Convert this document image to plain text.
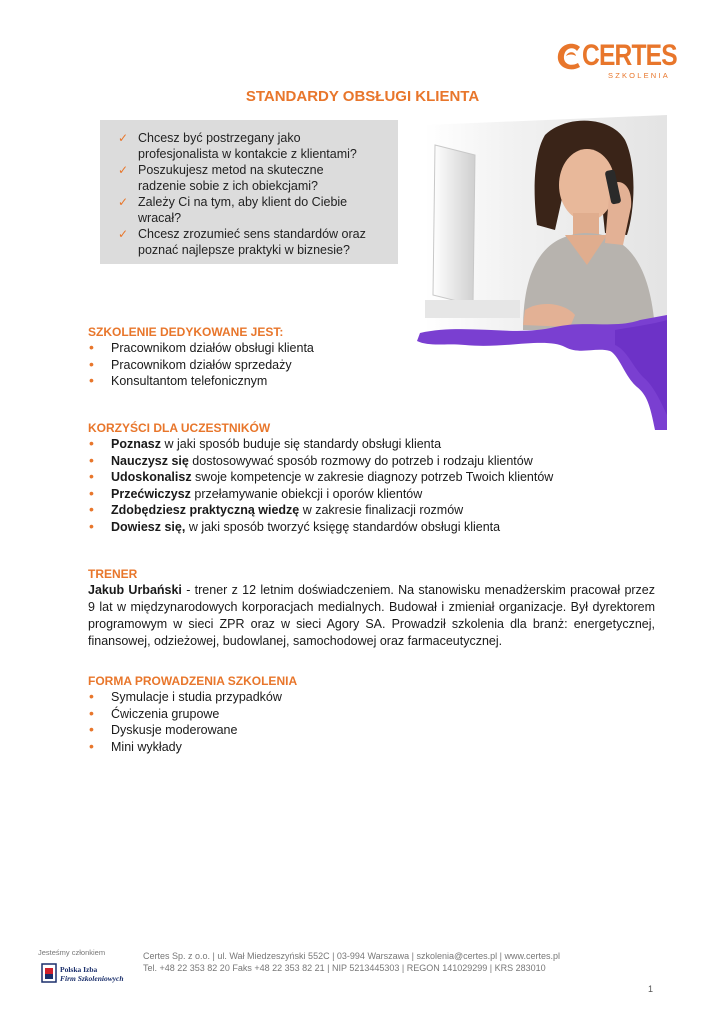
CERTES
SZKOLENIA
STANDARDY OBSŁUGI KLIENTA
✓ Chcesz być postrzegany jako
profesjonalista w kontakcie z klientami?
✓ Poszukujesz metod na skuteczne
radzenie sobie z ich obiekcjami?
✓ Zależy Ci na tym, aby klient do Ciebie
wracał?
✓ Chcesz zrozumieć sens standardów oraz
poznać najlepsze praktyki w biznesie?
SZKOLENIE DEDYKOWANE JEST:
• Pracownikom działów obsługi klienta
• Pracownikom działów sprzedaży
• Konsultantom telefonicznym
KORZYŚCI DLA UCZESTNIKÓW
• Poznasz w jaki sposób buduje się standardy obsługi klienta
• Nauczysz się dostosowywać sposób rozmowy do potrzeb i rodzaju klientów
• Udoskonalisz swoje kompetencje w zakresie diagnozy potrzeb Twoich klientów
• Przećwiczysz przełamywanie obiekcji i oporów klientów
• Zdobędziesz praktyczną wiedzę w zakresie finalizacji rozmów
• Dowiesz się, w jaki sposób tworzyć księgę standardów obsługi klienta
TRENER

Jakub Urbański - trener z 12 letnim doświadczeniem. Na stanowisku menadżerskim pracował przez 9 lat w międzynarodowych korporacjach medialnych. Budował i zmieniał organizacje. Był dyrektorem programowym w sieci ZPR oraz w sieci Agory SA. Prowadził szkolenia dla branż: energetycznej, finansowej, odzieżowej, budowlanej, samochodowej oraz farmaceutycznej.

FORMA PROWADZENIA SZKOLENIA
• Symulacje i studia przypadków
• Ćwiczenia grupowe
• Dyskusje moderowane
• Mini wykłady
Jesteśmy członkiem
Polska Izba
Firm Szkoleniowych
Certes Sp. z o.o. | ul. Wał Miedzeszyński 552C | 03-994 Warszawa | szkolenia@certes.pl | www.certes.pl
Tel. +48 22 353 82 20 Faks +48 22 353 82 21 | NIP 5213445303 | REGON 141029299 | KRS 283010
1
